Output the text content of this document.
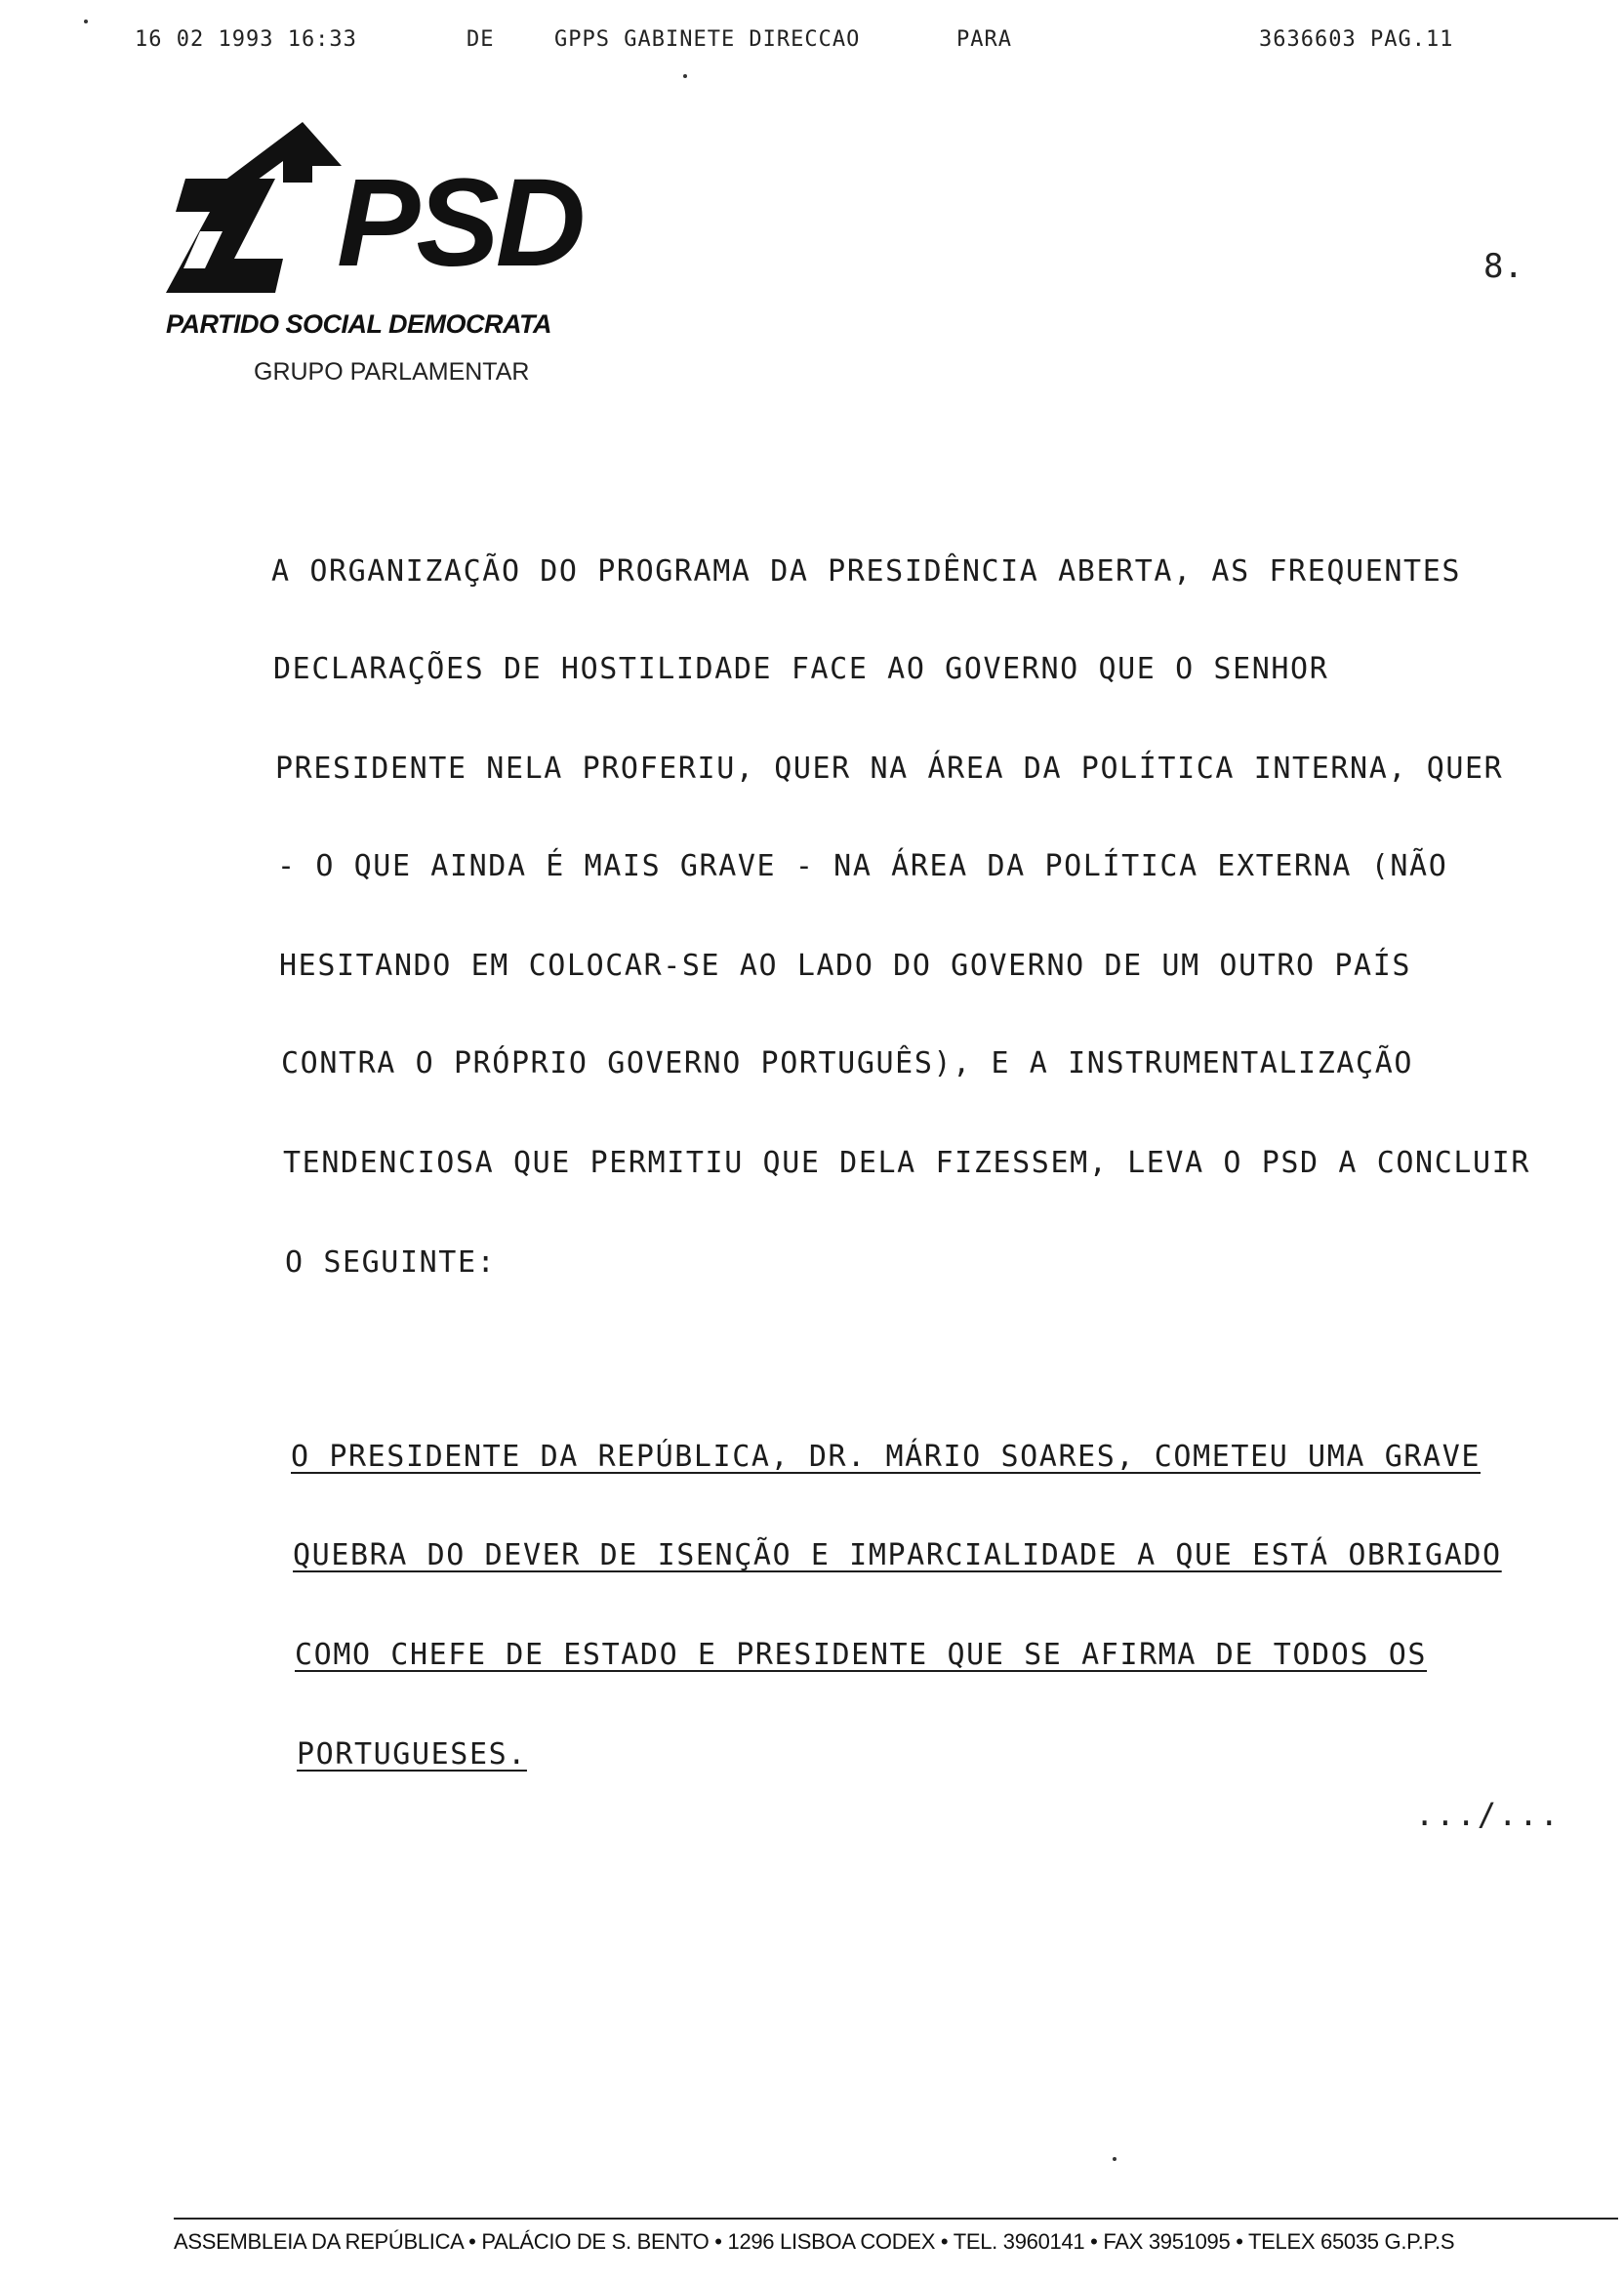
16 02 1993 16:33	DE	GPPS GABINETE DIRECCAO	PARA	3636603 PAG.11
PSD
PARTIDO SOCIAL DEMOCRATA
GRUPO PARLAMENTAR
8.
A ORGANIZAÇÃO DO PROGRAMA DA PRESIDÊNCIA ABERTA, AS FREQUENTES
DECLARAÇÕES DE HOSTILIDADE FACE AO GOVERNO QUE O SENHOR
PRESIDENTE NELA PROFERIU, QUER NA ÁREA DA POLÍTICA INTERNA, QUER
- O QUE AINDA É MAIS GRAVE - NA ÁREA DA POLÍTICA EXTERNA (NÃO
HESITANDO EM COLOCAR-SE AO LADO DO GOVERNO DE UM OUTRO PAÍS
CONTRA O PRÓPRIO GOVERNO PORTUGUÊS), E A INSTRUMENTALIZAÇÃO
TENDENCIOSA QUE PERMITIU QUE DELA FIZESSEM, LEVA O PSD A CONCLUIR
O SEGUINTE:
O PRESIDENTE DA REPÚBLICA, DR. MÁRIO SOARES, COMETEU UMA GRAVE
QUEBRA DO DEVER DE ISENÇÃO E IMPARCIALIDADE A QUE ESTÁ OBRIGADO
COMO CHEFE DE ESTADO E PRESIDENTE QUE SE AFIRMA DE TODOS OS
PORTUGUESES.
.../...
ASSEMBLEIA DA REPÚBLICA • PALÁCIO DE S. BENTO • 1296 LISBOA CODEX • TEL. 3960141 • FAX 3951095 • TELEX 65035 G.P.P.S
